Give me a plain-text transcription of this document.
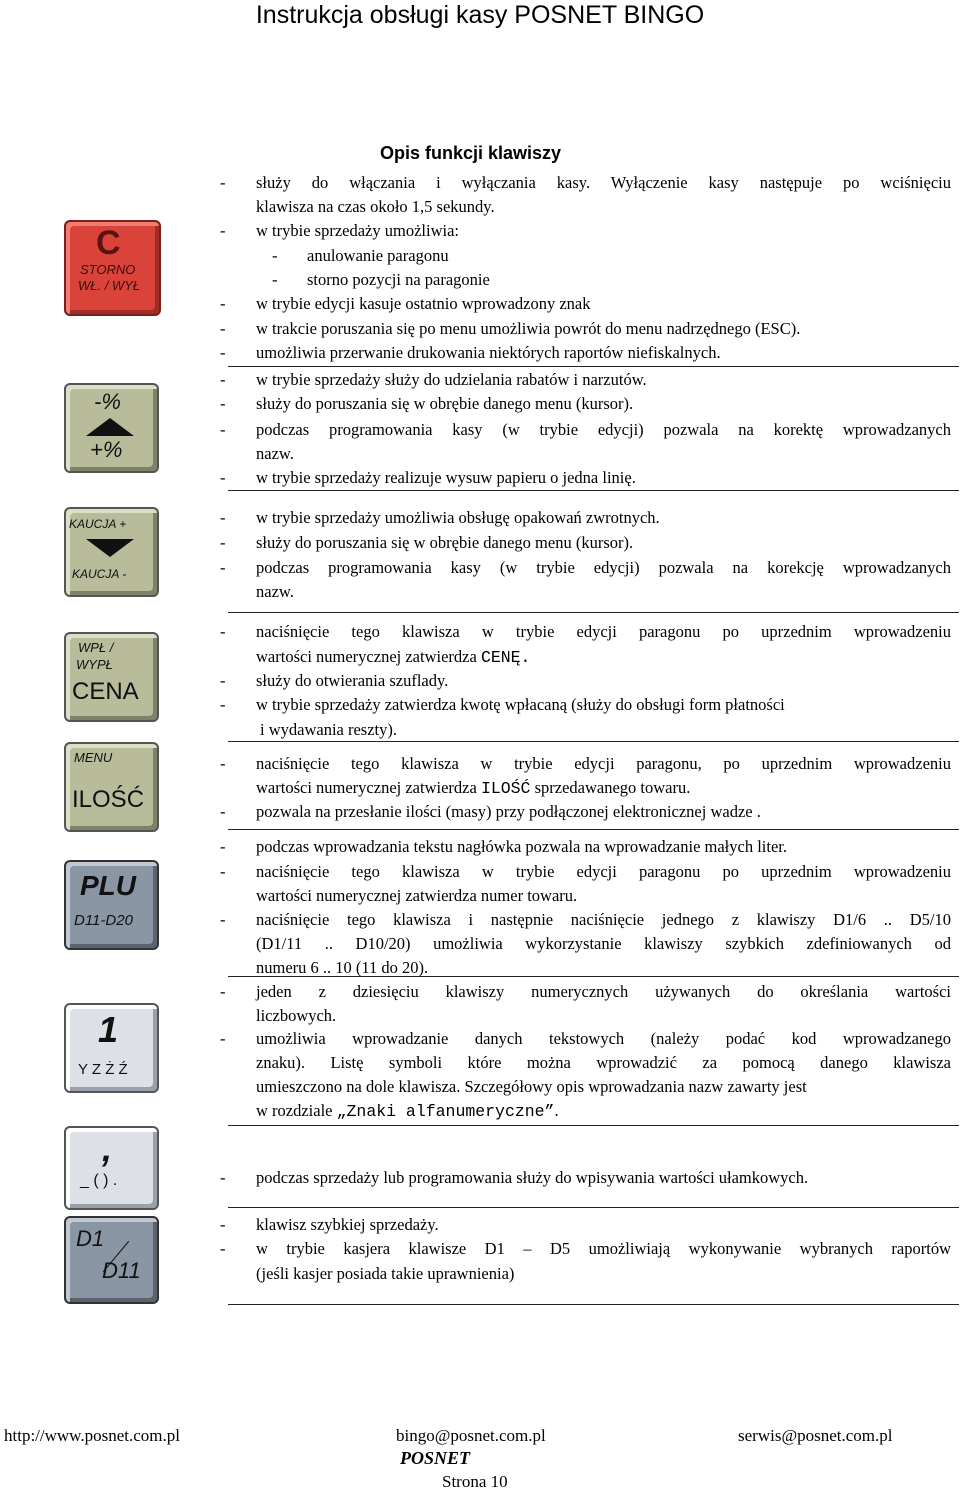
Instrukcja obsługi kasy POSNET BINGO
Opis funkcji klawiszy
C
STORNO
WŁ. / WYŁ
-%
+%
KAUCJA +
KAUCJA -
WPŁ /
WYPŁ
CENA
MENU
ILOŚĆ
PLU
D11-D20
1
Y Z Ż Ź
,
_ ( ) .
D1
D11
- służy do włączania i wyłączania kasy. Wyłączenie kasy następuje po wciśnięciu
klawisza na czas około 1,5 sekundy.
- w trybie sprzedaży umożliwia:
- anulowanie paragonu
- storno pozycji na paragonie
- w trybie edycji kasuje ostatnio wprowadzony znak
- w trakcie poruszania się po menu umożliwia powrót do menu nadrzędnego (ESC).
- umożliwia przerwanie drukowania niektórych raportów niefiskalnych.
- w trybie sprzedaży służy do udzielania rabatów i narzutów.
- służy do poruszania się w obrębie danego menu (kursor).
- podczas programowania kasy (w trybie edycji) pozwala na korektę wprowadzanych
nazw.
- w trybie sprzedaży realizuje wysuw papieru o jedna linię.
- w trybie sprzedaży umożliwia obsługę opakowań zwrotnych.
- służy do poruszania się w obrębie danego menu (kursor).
- podczas programowania kasy (w trybie edycji) pozwala na korekcję wprowadzanych
nazw.
- naciśnięcie tego klawisza w trybie edycji paragonu po uprzednim wprowadzeniu
wartości numerycznej zatwierdza CENĘ.
- służy do otwierania szuflady.
- w trybie sprzedaży zatwierdza kwotę wpłacaną (służy do obsługi form płatności
i wydawania reszty).
- naciśnięcie tego klawisza w trybie edycji paragonu, po uprzednim wprowadzeniu
wartości numerycznej zatwierdza ILOŚĆ sprzedawanego towaru.
- pozwala na przesłanie ilości (masy) przy podłączonej elektronicznej wadze .
- podczas wprowadzania tekstu nagłówka pozwala na wprowadzanie małych liter.
- naciśnięcie tego klawisza w trybie edycji paragonu po uprzednim wprowadzeniu
wartości numerycznej zatwierdza numer towaru.
- naciśnięcie tego klawisza i następnie naciśnięcie jednego z klawiszy D1/6 .. D5/10
(D1/11 .. D10/20) umożliwia wykorzystanie klawiszy szybkich zdefiniowanych od
numeru 6 .. 10 (11 do 20).
- jeden z dziesięciu klawiszy numerycznych używanych do określania wartości
liczbowych.
- umożliwia wprowadzanie danych tekstowych (należy podać kod wprowadzanego
znaku). Listę symboli które można wprowadzić za pomocą danego klawisza
umieszczono na dole klawisza. Szczegółowy opis wprowadzania nazw zawarty jest
w rozdziale „Znaki alfanumeryczne”.
- podczas sprzedaży lub programowania służy do wpisywania wartości ułamkowych.
- klawisz szybkiej sprzedaży.
- w trybie kasjera klawisze D1 – D5 umożliwiają wykonywanie wybranych raportów
(jeśli kasjer posiada takie uprawnienia)
http://www.posnet.com.pl	bingo@posnet.com.pl	serwis@posnet.com.pl
POSNET
Strona 10
